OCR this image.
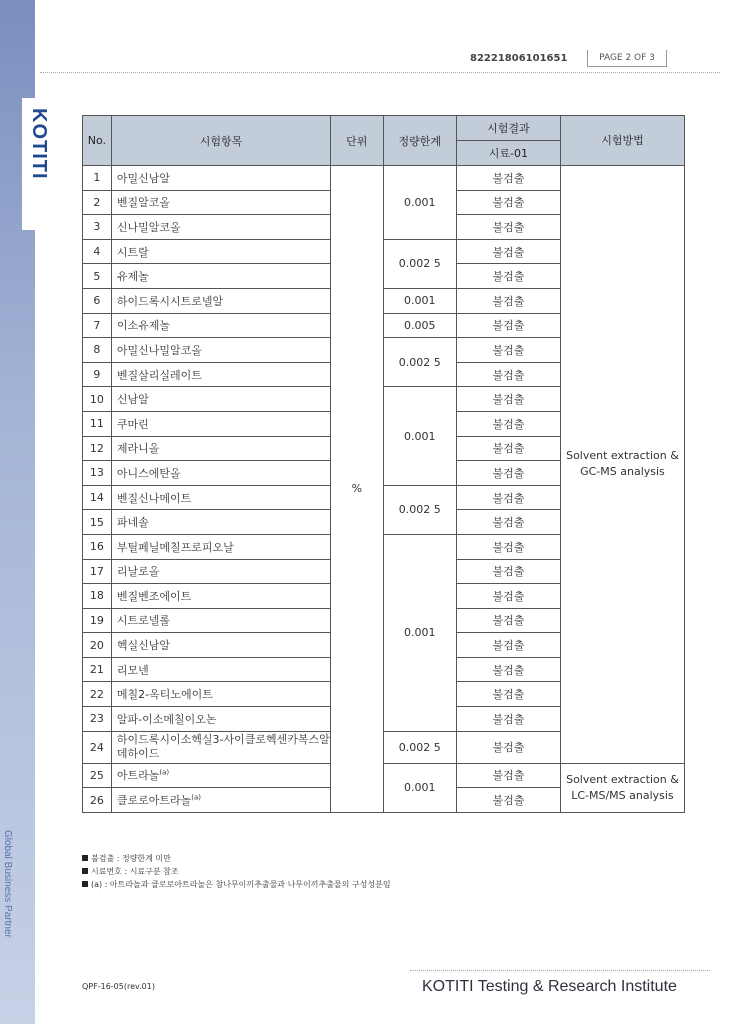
KOTITI
Global Business Partner
82221806101651	PAGE 2 OF 3
No.	시험항목	단위	정량한계	시험결과	시험방법
				시료-01	
1	아밀신남알	%	0.001	불검출	Solvent extraction & GC-MS analysis
2	벤질알코올			불검출	
3	신나밀알코올			불검출	
4	시트랄		0.002 5	불검출	
5	유제놀			불검출	
6	하이드록시시트로넬알		0.001	불검출	
7	이소유제놀		0.005	불검출	
8	아밀신나밀알코올		0.002 5	불검출	
9	벤질살리실레이트			불검출	
10	신남알		0.001	불검출	
11	쿠마린			불검출	
12	제라니올			불검출	
13	아니스에탄올			불검출	
14	벤질신나메이트		0.002 5	불검출	
15	파네솔			불검출	
16	부틸페닐메칠프로피오날		0.001	불검출	
17	리날로올			불검출	
18	벤질벤조에이트			불검출	
19	시트로넬롤			불검출	
20	헥실신남알			불검출	
21	리모넨			불검출	
22	메칠2-옥티노에이트			불검출	
23	알파-이소메칠이오논			불검출	
24	하이드록시이소헥실3-사이클로헥센카복스알데하이드		0.002 5	불검출	
25	아트라놀$^{(a)}$		0.001	불검출	Solvent extraction & LC-MS/MS analysis
26	클로로아트라놀$^{(a)}$			불검출	
불검출 : 정량한계 미만
시료번호 : 시료구분 참조
(a) : 아트라놀과 클로로아트라놀은 참나무이끼추출물과 나무이끼추출물의 구성성분임
QPF-16-05(rev.01)	KOTITI Testing & Research Institute
